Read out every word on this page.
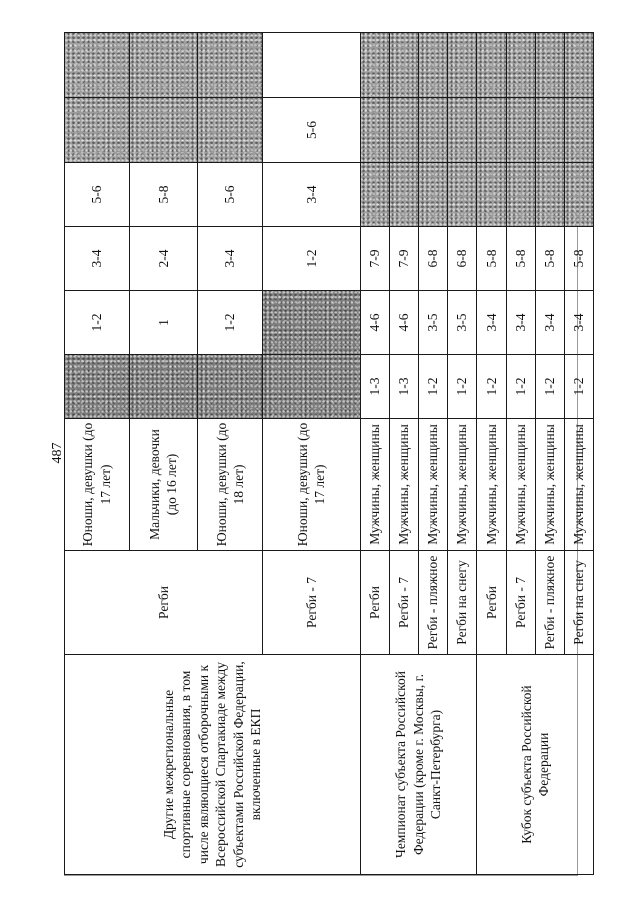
487
Другие межрегиональные спортивные соревнования, в том числе являющиеся отборочными к Всероссийской Спартакиаде между субъектами Российской Федерации, включенные в ЕКП	Регби	Юноши, девушки (до 17 лет)		1-2	3-4	5-6		
		Мальчики, девочки (до 16 лет)		1	2-4	5-8		
		Юноши, девушки (до 18 лет)		1-2	3-4	5-6		
	Регби - 7	Юноши, девушки (до 17 лет)			1-2	3-4	5-6	
Чемпионат субъекта Российской Федерации (кроме г. Москвы, г. Санкт-Петербурга)	Регби	Мужчины, женщины	1-3	4-6	7-9			
	Регби - 7	Мужчины, женщины	1-3	4-6	7-9			
	Регби - пляжное	Мужчины, женщины	1-2	3-5	6-8			
	Регби на снегу	Мужчины, женщины	1-2	3-5	6-8			
Кубок субъекта Российской Федерации	Регби	Мужчины, женщины	1-2	3-4	5-8			
	Регби - 7	Мужчины, женщины	1-2	3-4	5-8			
	Регби - пляжное	Мужчины, женщины	1-2	3-4	5-8			
	Регби на снегу	Мужчины, женщины	1-2	3-4	5-8			
